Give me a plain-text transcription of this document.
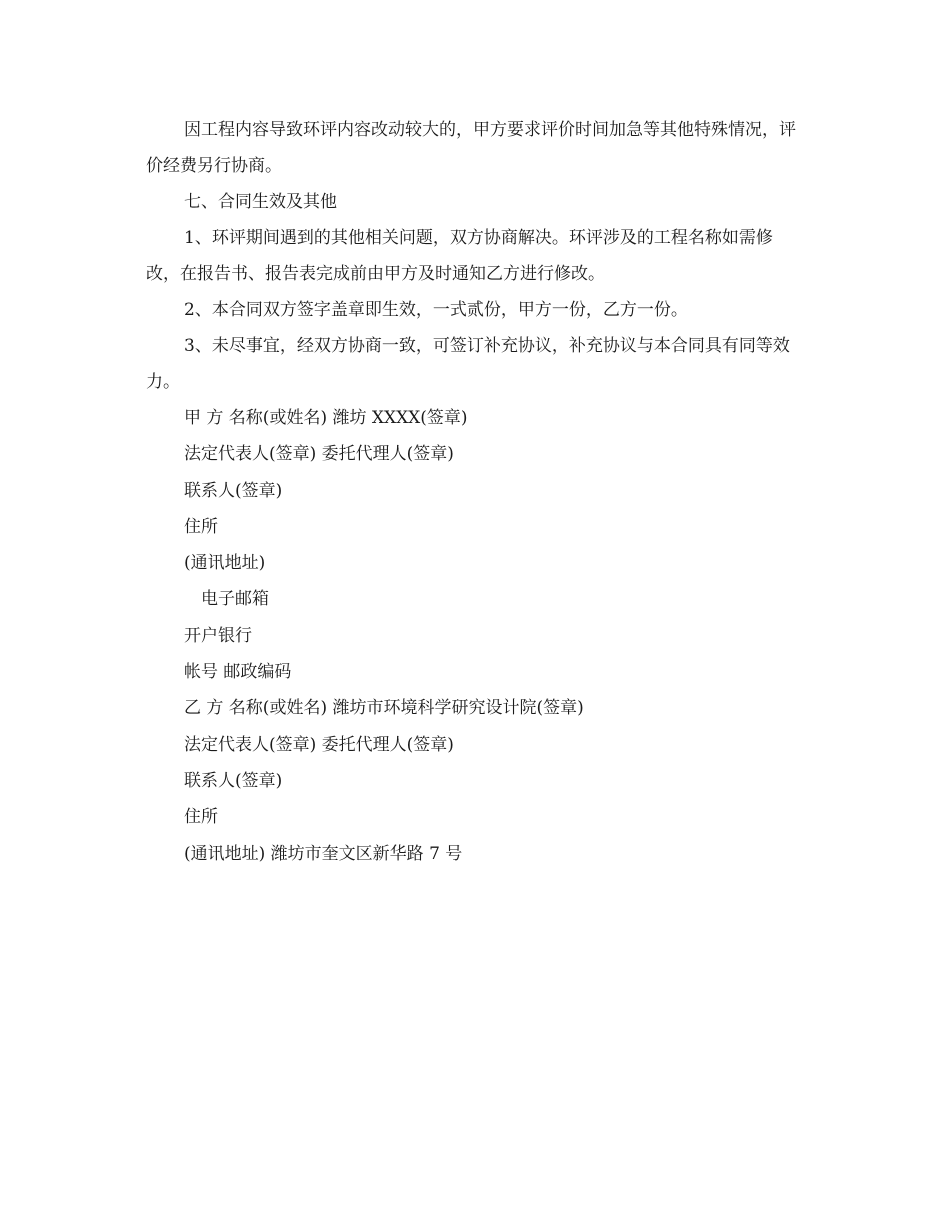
因工程内容导致环评内容改动较大的，甲方要求评价时间加急等其他特殊情况，评价经费另行协商。

七、合同生效及其他

1、环评期间遇到的其他相关问题，双方协商解决。环评涉及的工程名称如需修改，在报告书、报告表完成前由甲方及时通知乙方进行修改。

2、本合同双方签字盖章即生效，一式贰份，甲方一份，乙方一份。

3、未尽事宜，经双方协商一致，可签订补充协议，补充协议与本合同具有同等效力。

甲 方 名称(或姓名) 潍坊 XXXX(签章)

法定代表人(签章) 委托代理人(签章)

联系人(签章)

住所

(通讯地址)

电子邮箱

开户银行

帐号 邮政编码

乙 方 名称(或姓名) 潍坊市环境科学研究设计院(签章)

法定代表人(签章) 委托代理人(签章)

联系人(签章)

住所

(通讯地址) 潍坊市奎文区新华路 7 号
